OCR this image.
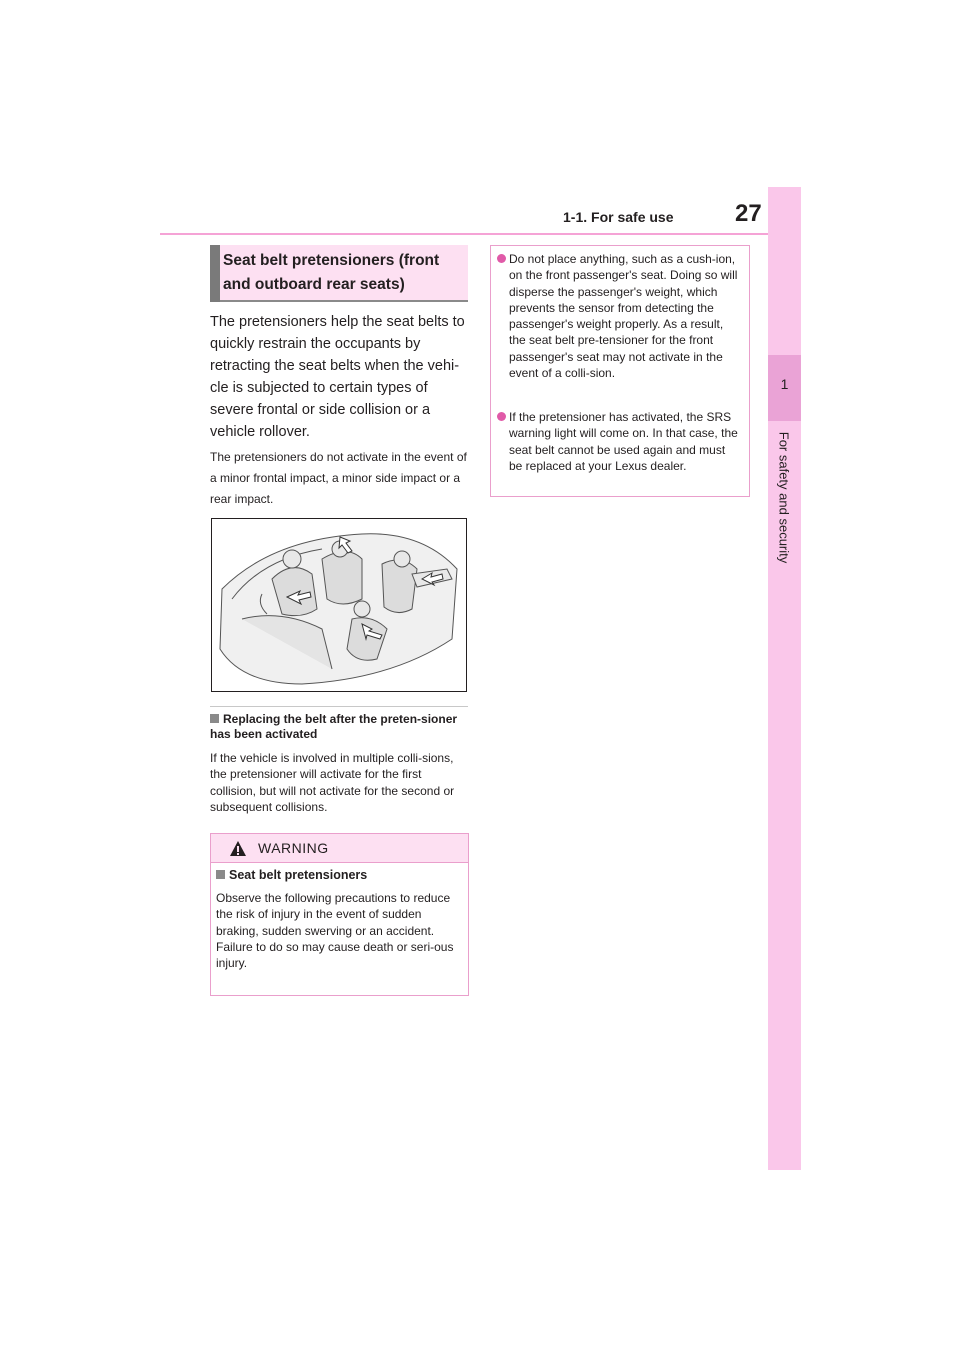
1-1. For safe use	27
1
For safety and security
Seat belt pretensioners (front and outboard rear seats)
The pretensioners help the seat belts to quickly restrain the occupants by retracting the seat belts when the vehi-cle is subjected to certain types of severe frontal or side collision or a vehicle rollover.
The pretensioners do not activate in the event of a minor frontal impact, a minor side impact or a rear impact.
Replacing the belt after the preten-sioner has been activated
If the vehicle is involved in multiple colli-sions, the pretensioner will activate for the first collision, but will not activate for the second or subsequent collisions.
WARNING
Seat belt pretensioners
Observe the following precautions to reduce the risk of injury in the event of sudden braking, sudden swerving or an accident. Failure to do so may cause death or seri-ous injury.
Do not place anything, such as a cush-ion, on the front passenger's seat. Doing so will disperse the passenger's weight, which prevents the sensor from detecting the passenger's weight properly. As a result, the seat belt pre-tensioner for the front passenger's seat may not activate in the event of a colli-sion.
If the pretensioner has activated, the SRS warning light will come on. In that case, the seat belt cannot be used again and must be replaced at your Lexus dealer.
